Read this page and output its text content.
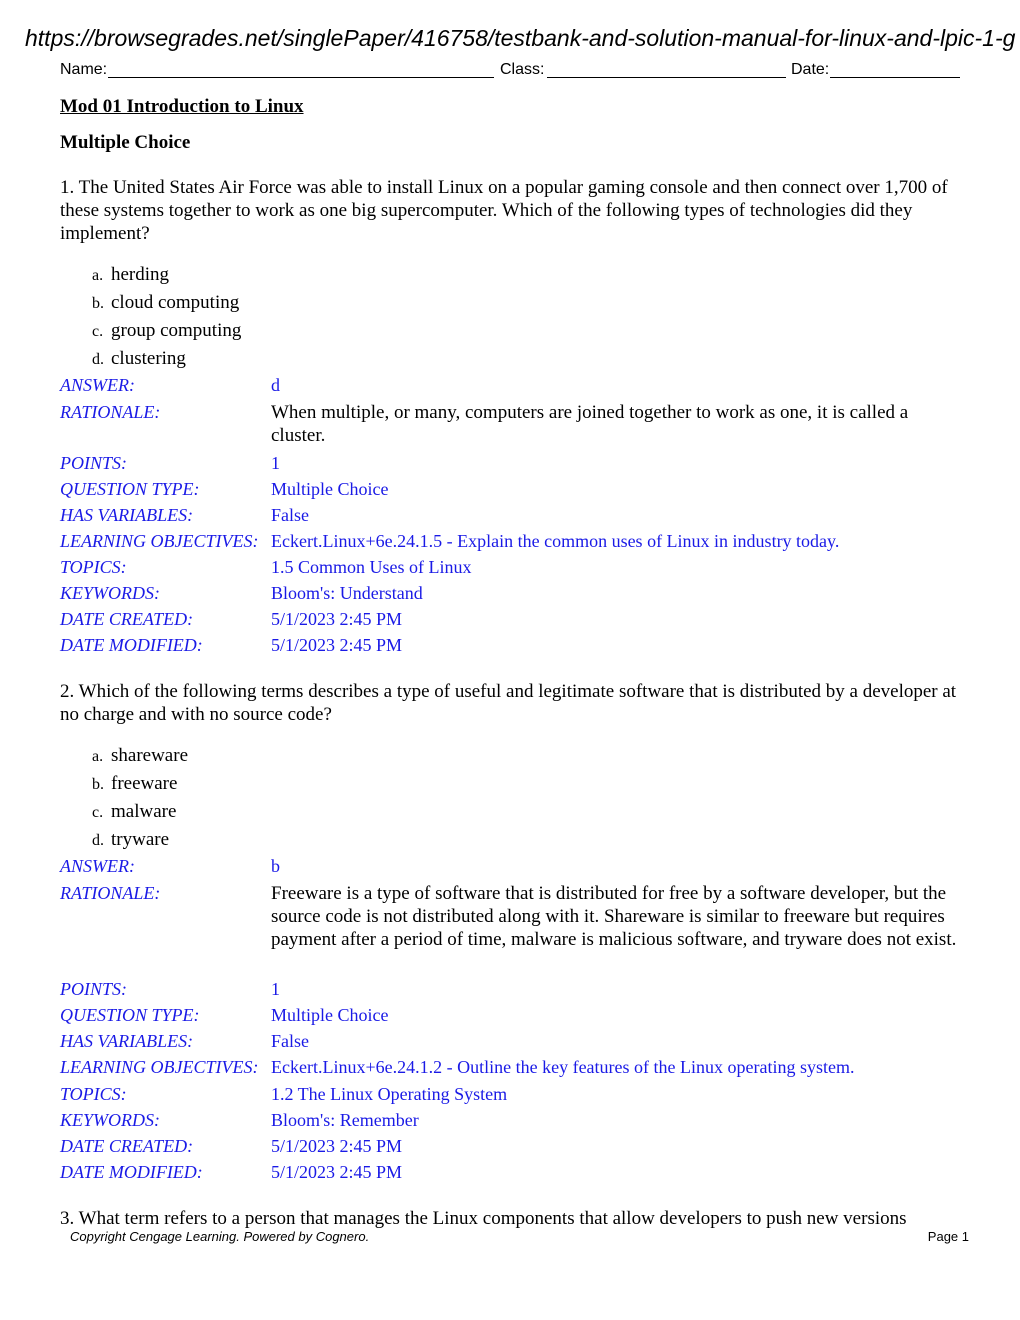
https://browsegrades.net/singlePaper/416758/testbank-and-solution-manual-for-linux-and-lpic-1-g
Name:	Class:	Date:
Mod 01 Introduction to Linux
Multiple Choice
1. The United States Air Force was able to install Linux on a popular gaming console and then connect over 1,700 of these systems together to work as one big supercomputer. Which of the following types of technologies did they implement?
a. herding
b. cloud computing
c. group computing
d. clustering
ANSWER:	d
RATIONALE:	When multiple, or many, computers are joined together to work as one, it is called a cluster.
POINTS:	1
QUESTION TYPE:	Multiple Choice
HAS VARIABLES:	False
LEARNING OBJECTIVES: Eckert.Linux+6e.24.1.5 - Explain the common uses of Linux in industry today.
TOPICS:	1.5 Common Uses of Linux
KEYWORDS:	Bloom's: Understand
DATE CREATED:	5/1/2023 2:45 PM
DATE MODIFIED:	5/1/2023 2:45 PM
2. Which of the following terms describes a type of useful and legitimate software that is distributed by a developer at no charge and with no source code?
a. shareware
b. freeware
c. malware
d. tryware
ANSWER:	b
RATIONALE:	Freeware is a type of software that is distributed for free by a software developer, but the source code is not distributed along with it. Shareware is similar to freeware but requires payment after a period of time, malware is malicious software, and tryware does not exist.
POINTS:	1
QUESTION TYPE:	Multiple Choice
HAS VARIABLES:	False
LEARNING OBJECTIVES: Eckert.Linux+6e.24.1.2 - Outline the key features of the Linux operating system.
TOPICS:	1.2 The Linux Operating System
KEYWORDS:	Bloom's: Remember
DATE CREATED:	5/1/2023 2:45 PM
DATE MODIFIED:	5/1/2023 2:45 PM
3. What term refers to a person that manages the Linux components that allow developers to push new versions
Copyright Cengage Learning. Powered by Cognero.	Page 1
